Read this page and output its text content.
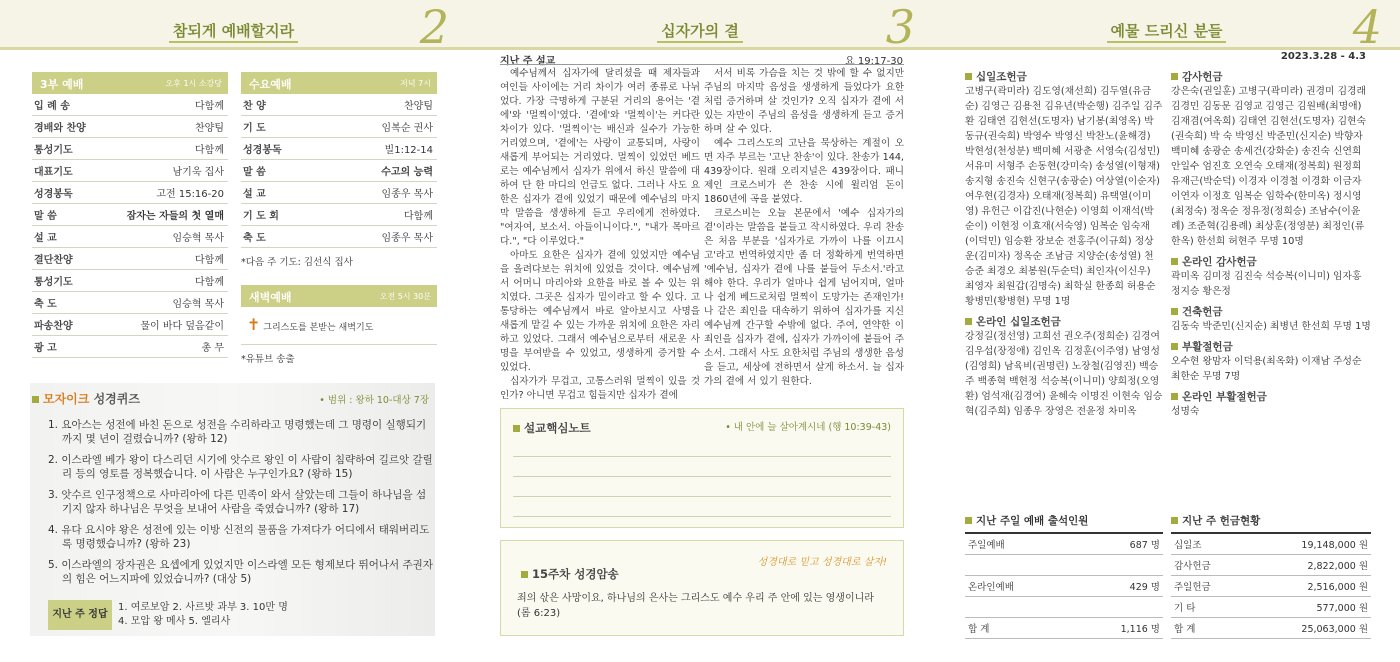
참되게 예배할지라	2
3부 예배	오후 1시 소강당
입 례 송	다함께
경배와 찬양	찬양팀
통성기도	다함께
대표기도	남기욱 집사
성경봉독	고전 15:16-20
말 씀	잠자는 자들의 첫 열매
설 교	임승혁 목사
결단찬양	다함께
통성기도	다함께
축 도	임승혁 목사
파송찬양	물이 바다 덮음같이
광 고	총 무
수요예배	저녁 7시
찬 양	찬양팀
기 도	임복순 권사
성경봉독	빌1:12-14
말 씀	수고의 능력
설 교	임종우 목사
기 도 회	다함께
축 도	임종우 목사
*다음 주 기도: 김선식 집사
새벽예배	오전 5시 30분
✝ 그리스도를 본받는 새벽기도
*유튜브 송출
모자이크 성경퀴즈	• 범위 : 왕하 10-대상 7장
1. 요아스는 성전에 바친 돈으로 성전을 수리하라고 명령했는데 그 명령이 실행되기까지 몇 년이 걸렸습니까? (왕하 12)
2. 이스라엘 베가 왕이 다스리던 시기에 앗수르 왕인 이 사람이 침략하여 길르앗 갈릴리 등의 영토를 정복했습니다. 이 사람은 누구인가요? (왕하 15)
3. 앗수르 인구정책으로 사마리아에 다른 민족이 와서 살았는데 그들이 하나님을 섬기지 않자 하나님은 무엇을 보내어 사람을 죽였습니까? (왕하 17)
4. 유다 요시야 왕은 성전에 있는 이방 신전의 물품을 가져다가 어디에서 태워버리도록 명령했습니까? (왕하 23)
5. 이스라엘의 장자권은 요셉에게 있었지만 이스라엘 모든 형제보다 뛰어나서 주권자의 힘은 어느지파에 있었습니까? (대상 5)
지난 주 정답
1. 여로보암 2. 사르밧 과부 3. 10만 명
4. 모압 왕 메사 5. 엘리사
십자가의 결	3
지난 주 설교	요 19:17-30

예수님께서 십자가에 달리셨을 때 제자들과 여인들 사이에는 거리 차이가 여러 종류로 나뉘었다. 가장 극명하게 구분된 거리의 용어는 '곁에'와 '멀찍이'였다. '곁에'와 '멀찍이'는 커다란 차이가 있다. '멀찍이'는 배신과 실수가 가능한 거리였으며, '곁에'는 사랑이 교통되며, 사랑이 새롭게 부어되는 거리였다. 멀찍이 있었던 베드로는 예수님께서 십자가 위에서 하신 말씀에 대하여 단 한 마디의 언급도 없다. 그러나 사도 요한은 십자가 곁에 있었기 때문에 예수님의 마지막 말씀을 생생하게 듣고 우리에게 전하였다. "여자여, 보소서. 아들이니이다.", "내가 목마르다.", "다 이루었다."

아마도 요한은 십자가 곁에 있었지만 예수님을 올려다보는 위치에 있었을 것이다. 예수님께서 어머니 마리아와 요한을 바로 볼 수 있는 위치였다. 그곳은 십자가 밑이라고 할 수 있다. 고통당하는 예수님께서 바로 알아보시고 사명을 새롭게 맡길 수 있는 가까운 위치에 요한은 자리하고 있었다. 그래서 예수님으로부터 새로운 사명을 부여받을 수 있었고, 생생하게 증거할 수 있었다.

십자가가 무겁고, 고통스러워 멀찍이 있을 것인가? 아니면 무겁고 힘들지만 십자가 곁에

서서 비록 가슴을 치는 것 밖에 할 수 없지만 주님의 마지막 음성을 생생하게 들었다가 요한처럼 증거하며 살 것인가? 오직 십자가 곁에 서 있는 자만이 주님의 음성을 생생하게 듣고 증거하며 살 수 있다.

예수 그리스도의 고난을 묵상하는 계절이 오면 자주 부르는 '고난 찬송'이 있다. 찬송가 144, 439장이다. 원래 오리지널은 439장이다. 패니 제인 크로스비가 쓴 찬송 시에 윌리엄 돈이 1860년에 곡을 붙였다.

크로스비는 오늘 본문에서 '예수 십자가의 곁'이라는 말씀을 붙들고 작시하였다. 우리 찬송은 처음 부분을 '십자가로 가까이 나를 이끄시고'라고 번역하였지만 좀 더 정확하게 번역하면 '예수님, 십자가 곁에 나를 붙들어 두소서.'라고 해야 한다. 우리가 얼마나 쉽게 넘어지며, 얼마나 쉽게 베드로처럼 멀찍이 도망가는 존재인가! 나 같은 죄인을 대속하기 위하여 십자가를 지신 예수님께 간구할 수밖에 없다. 주여, 연약한 이 죄인을 십자가 곁에, 십자가 가까이에 붙들어 주소서. 그래서 사도 요한처럼 주님의 생생한 음성을 듣고, 세상에 전하면서 살게 하소서. 늘 십자가의 곁에 서 있기 원한다.

설교핵심노트	• 내 안에 늘 살아계시네 (행 10:39-43)
15주차 성경암송
성경대로 믿고 성경대로 살자!
죄의 삯은 사망이요, 하나님의 은사는 그리스도 예수 우리 주 안에 있는 영생이니라 (롬 6:23)
예물 드리신 분들	4
2023.3.28 - 4.3
십일조헌금

고병구(곽미라) 김도영(채선희) 김두열(유금순) 김영근 김용천 김유년(박순행) 김주일 김주환 김태연 김현선(도명자) 남기봉(최영옥) 박동규(권숙희) 박영수 박영신 박찬노(윤해경) 박현성(천성분) 백미혜 서광춘 서영숙(김성민) 서유미 서형주 손동현(강미숙) 송성열(이형재) 송지형 송진숙 신현구(송광순) 여상열(이순자) 여우현(김경자) 오태재(정복희) 유택열(이미영) 유헌근 이갑진(나현순) 이영희 이재석(박순이) 이현정 이효재(서숙영) 임복순 임숙재(이덕민) 임승환 장보순 전홍주(이규희) 정상운(김미자) 정옥순 조남금 지양순(송성열) 천승준 최경오 최봉원(두순덕) 최인자(이신우) 최영자 최원갑(김명숙) 최학실 한종희 허용순 황병민(황병현) 무명 1명

온라인 십일조헌금

강정길(정선영) 고희선 권오주(정희순) 김경여 김우섭(장정애) 김인옥 김정훈(이주영) 남영성(김영희) 남육비(권명린) 노장철(김영진) 백승주 백종혁 백현정 석승복(이니미) 양희정(오영환) 엄석재(김경여) 윤혜숙 이명진 이현숙 임승혁(김주희) 임종우 장영은 전윤정 차미옥

감사헌금

강은숙(권일훈) 고병구(곽미라) 권경미 김경래 김경민 김동문 김영교 김영근 김원배(최명애) 김재겸(여옥희) 김태연 김현선(도명자) 김현숙 (권숙희) 박 숙 박영신 박준민(신지순) 박향자 백미혜 송광순 송세건(강화순) 송진숙 신연희 안일수 엄진호 오연숙 오태재(정복희) 원정희 유재근(박순덕) 이경자 이경철 이경화 이금자 이연자 이정호 임복순 임학수(한미옥) 정시영 (최정숙) 정옥순 정유정(정희승) 조남수(이윤례) 조준혁(김용례) 최상훈(정영분) 최정인(류한옥) 한선희 허현주 무명 10명

온라인 감사헌금

곽미옥 김미정 김진숙 석승복(이니미) 임자홍 정지승 황은정

건축헌금

김동숙 박준민(신지순) 최병년 한선희 무명 1명

부활절헌금

오수현 왕맘자 이덕용(최옥화) 이재남 주성순 최한순 무명 7명

온라인 부활절헌금

성명숙

지난 주일 예배 출석인원
주일예배	687 명

온라인예배	429 명

합 계	1,116 명
지난 주 헌금현황
십일조	19,148,000 원
감사헌금	2,822,000 원
주일헌금	2,516,000 원
기 타	577,000 원
합 계	25,063,000 원
